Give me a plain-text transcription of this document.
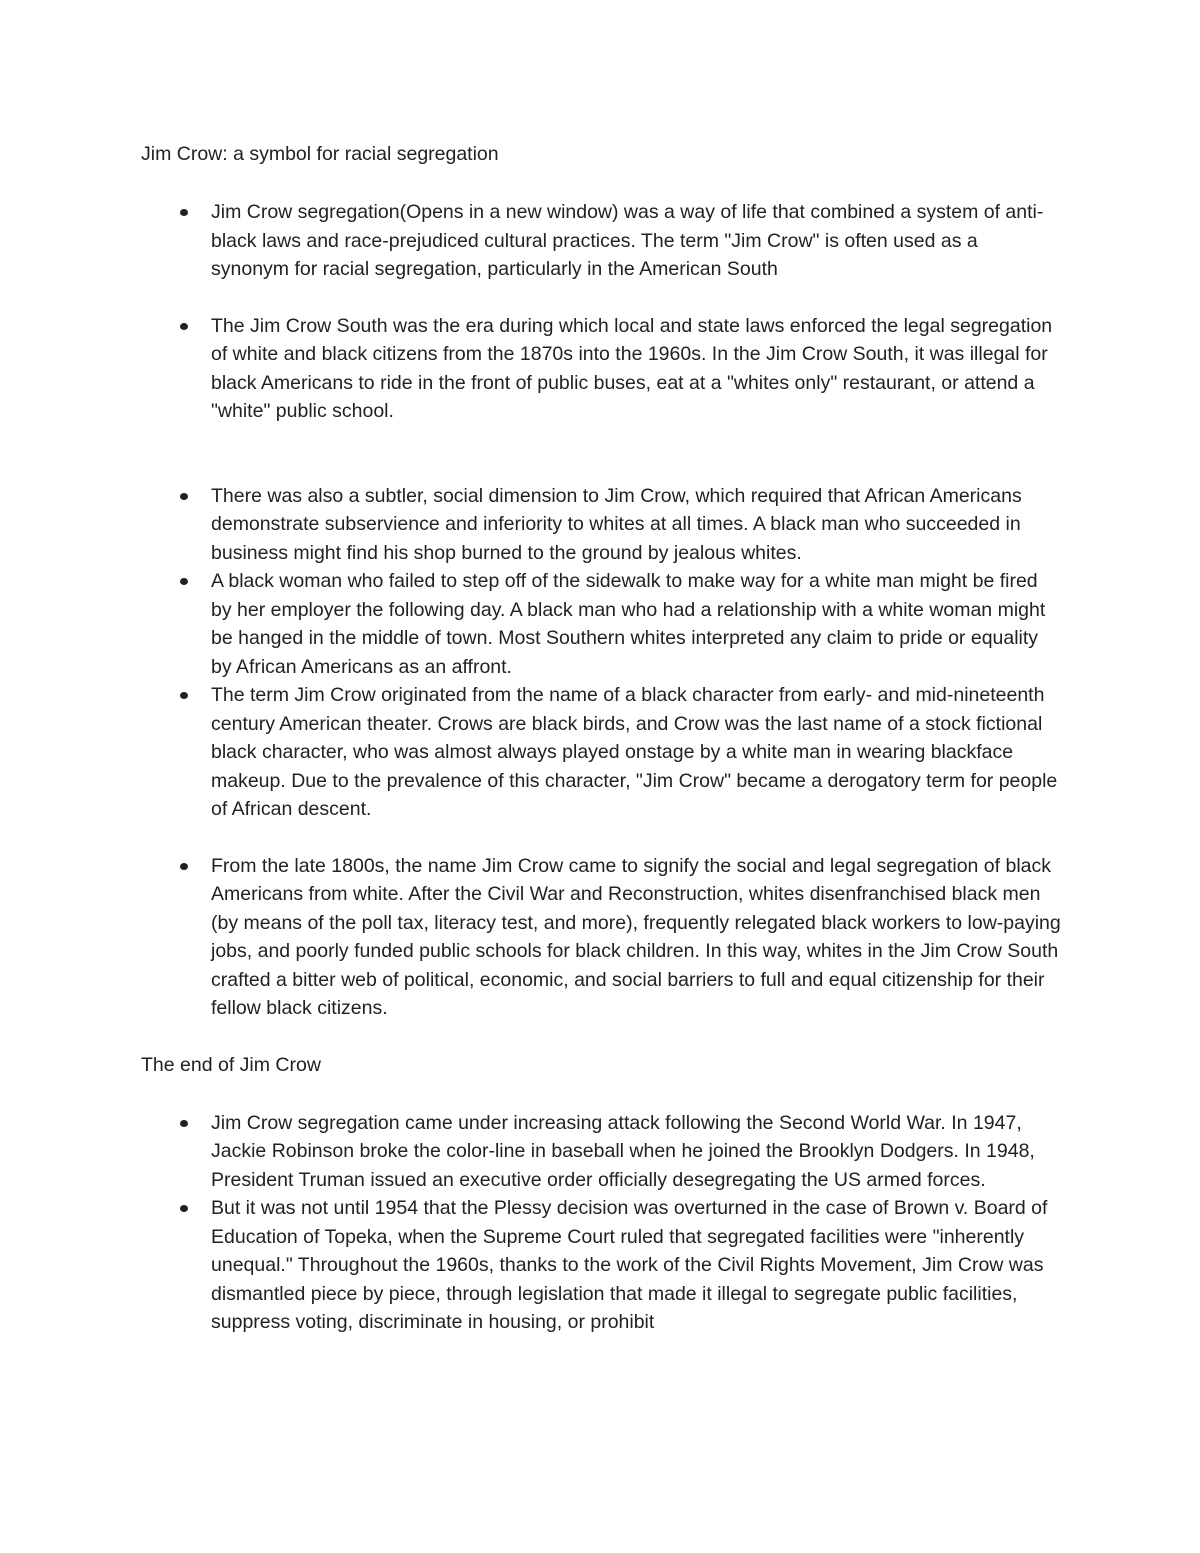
Jim Crow: a symbol for racial segregation

Jim Crow segregation(Opens in a new window) was a way of life that combined a system of anti-black laws and race-prejudiced cultural practices. The term "Jim Crow" is often used as a synonym for racial segregation, particularly in the American South
The Jim Crow South was the era during which local and state laws enforced the legal segregation of white and black citizens from the 1870s into the 1960s. In the Jim Crow South, it was illegal for black Americans to ride in the front of public buses, eat at a "whites only" restaurant, or attend a "white" public school.
There was also a subtler, social dimension to Jim Crow, which required that African Americans demonstrate subservience and inferiority to whites at all times. A black man who succeeded in business might find his shop burned to the ground by jealous whites.
A black woman who failed to step off of the sidewalk to make way for a white man might be fired by her employer the following day. A black man who had a relationship with a white woman might be hanged in the middle of town. Most Southern whites interpreted any claim to pride or equality by African Americans as an affront.
The term Jim Crow originated from the name of a black character from early- and mid-nineteenth century American theater. Crows are black birds, and Crow was the last name of a stock fictional black character, who was almost always played onstage by a white man in wearing blackface makeup. Due to the prevalence of this character, "Jim Crow" became a derogatory term for people of African descent.
From the late 1800s, the name Jim Crow came to signify the social and legal segregation of black Americans from white. After the Civil War and Reconstruction, whites disenfranchised black men (by means of the poll tax, literacy test, and more), frequently relegated black workers to low-paying jobs, and poorly funded public schools for black children. In this way, whites in the Jim Crow South crafted a bitter web of political, economic, and social barriers to full and equal citizenship for their fellow black citizens.

The end of Jim Crow

Jim Crow segregation came under increasing attack following the Second World War. In 1947, Jackie Robinson broke the color-line in baseball when he joined the Brooklyn Dodgers. In 1948, President Truman issued an executive order officially desegregating the US armed forces.
But it was not until 1954 that the Plessy decision was overturned in the case of Brown v. Board of Education of Topeka, when the Supreme Court ruled that segregated facilities were "inherently unequal." Throughout the 1960s, thanks to the work of the Civil Rights Movement, Jim Crow was dismantled piece by piece, through legislation that made it illegal to segregate public facilities, suppress voting, discriminate in housing, or prohibit
